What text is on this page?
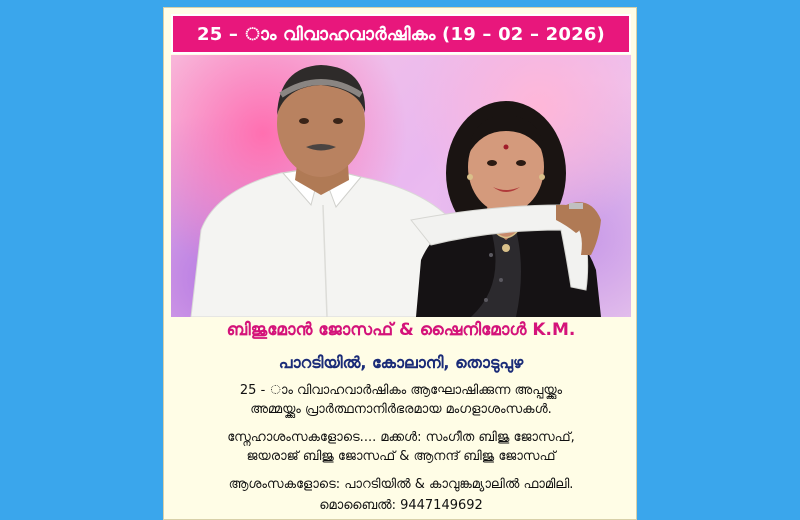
25 – ാം വിവാഹവാർഷികം (19 – 02 – 2026)
ബിജുമോൻ ജോസഫ് & ഷൈനിമോൾ K.M.
പാറടിയിൽ, കോലാനി, തൊടുപുഴ
25 - ാം വിവാഹവാർഷികം ആഘോഷിക്കുന്ന അപ്പയ്ക്കും
അമ്മയ്ക്കും പ്രാർത്ഥനാനിർഭരമായ മംഗളാശംസകൾ.
സ്നേഹാശംസകളോടെ.... മക്കൾ: സംഗീത ബിജു ജോസഫ്,
ജയരാജ് ബിജു ജോസഫ് & ആനന്ദ് ബിജു ജോസഫ്
ആശംസകളോടെ: പാറടിയിൽ & കാവുങ്കമ്യാലിൽ ഫാമിലി.
മൊബൈൽ: 9447149692
